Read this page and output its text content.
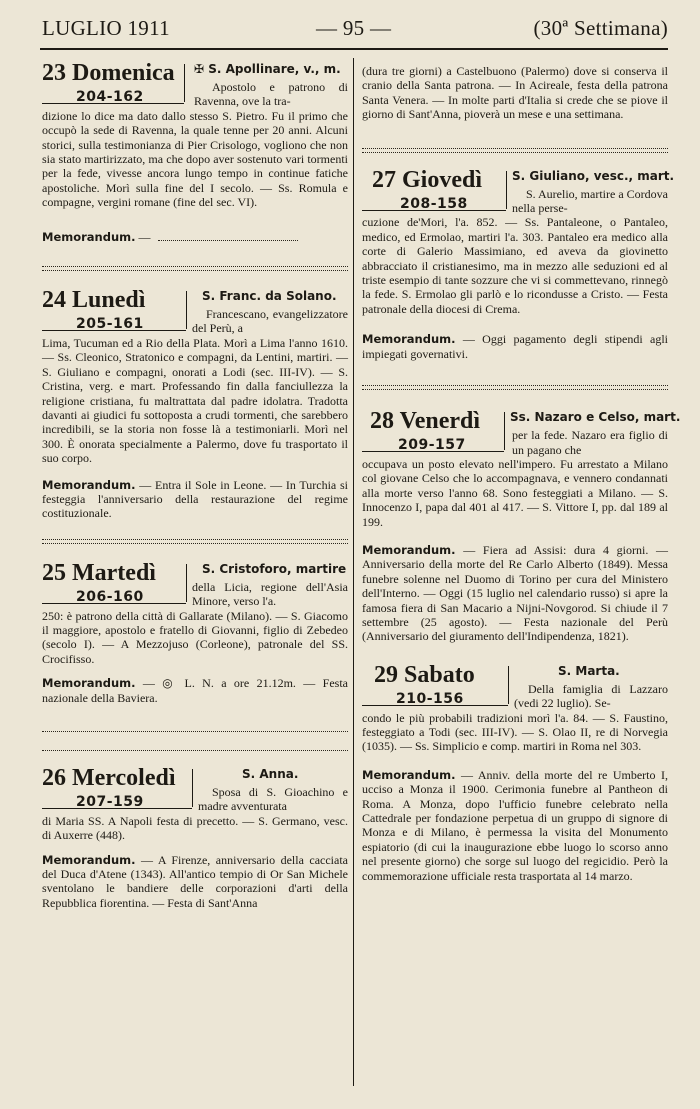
LUGLIO 1911	— 95 —	(30ª Settimana)
23 Domenica
204-162
✠ S. Apollinare, v., m.

Apostolo e patrono di Ravenna, ove la tra-

dizione lo dice ma dato dallo stesso S. Pietro. Fu il primo che occupò la sede di Ravenna, la quale tenne per 20 anni. Alcuni storici, sulla testimonianza di Pier Crisologo, vogliono che non sia stato martirizzato, ma che dopo aver sostenuto vari tormenti per la fede, vivesse ancora lungo tempo in continue fatiche apostoliche. Morì sulla fine del I secolo. — Ss. Romula e compagne, vergini romane (fine del sec. VI).

Memorandum. —

24 Lunedì
205-161
S. Franc. da Solano.

Francescano, evangelizzatore del Perù, a

Lima, Tucuman ed a Rio della Plata. Morì a Lima l'anno 1610. — Ss. Cleonico, Stratonico e compagni, da Lentini, martiri. — S. Giuliano e compagni, onorati a Lodi (sec. III-IV). — S. Cristina, verg. e mart. Professando fin dalla fanciullezza la religione cristiana, fu maltrattata dal padre idolatra. Tradotta davanti ai giudici fu sottoposta a crudi tormenti, che sarebbero incredibili, se la storia non fosse là a testimoniarli. Morì nel 300. È onorata specialmente a Palermo, dove fu trasportato il suo corpo.

Memorandum. — Entra il Sole in Leone. — In Turchia si festeggia l'anniversario della restaurazione del regime costituzionale.

25 Martedì
206-160
S. Cristoforo, martire

della Licia, regione dell'Asia Minore, verso l'a.

250: è patrono della città di Gallarate (Milano). — S. Giacomo il maggiore, apostolo e fratello di Giovanni, figlio di Zebedeo (secolo I). — A Mezzojuso (Corleone), patronale del SS. Crocifisso.

Memorandum. — ◎ L. N. a ore 21.12m. — Festa nazionale della Baviera.

26 Mercoledì
207-159
S. Anna.

Sposa di S. Gioachino e madre avventurata

di Maria SS. A Napoli festa di precetto. — S. Germano, vesc. di Auxerre (448).

Memorandum. — A Firenze, anniversario della cacciata del Duca d'Atene (1343). All'antico tempio di Or San Michele sventolano le bandiere delle corporazioni d'arti della Repubblica fiorentina. — Festa di Sant'Anna

(dura tre giorni) a Castelbuono (Palermo) dove si conserva il cranio della Santa patrona. — In Acireale, festa della patrona Santa Venera. — In molte parti d'Italia si crede che se piove il giorno di Sant'Anna, pioverà un mese e una settimana.

27 Giovedì
208-158
S. Giuliano, vesc., mart.

S. Aurelio, martire a Cordova nella perse-

cuzione de'Mori, l'a. 852. — Ss. Pantaleone, o Pantaleo, medico, ed Ermolao, martiri l'a. 303. Pantaleo era medico alla corte di Galerio Massimiano, ed aveva da giovinetto abbracciato il cristianesimo, ma in mezzo alle seduzioni ed al triste esempio di tante sozzure che vi si commettevano, rinnegò la fede. S. Ermolao gli parlò e lo ricondusse a Cristo. — Festa patronale della diocesi di Crema.

Memorandum. — Oggi pagamento degli stipendi agli impiegati governativi.

28 Venerdì
209-157
Ss. Nazaro e Celso, mart.

per la fede. Nazaro era figlio di un pagano che

occupava un posto elevato nell'impero. Fu arrestato a Milano col giovane Celso che lo accompagnava, e vennero condannati alla morte verso l'anno 68. Sono festeggiati a Milano. — S. Innocenzo I, papa dal 401 al 417. — S. Vittore I, pp. dal 189 al 199.

Memorandum. — Fiera ad Assisi: dura 4 giorni. — Anniversario della morte del Re Carlo Alberto (1849). Messa funebre solenne nel Duomo di Torino per cura del Ministero dell'Interno. — Oggi (15 luglio nel calendario russo) si apre la famosa fiera di San Macario a Nijni-Novgorod. Si chiude il 7 settembre (25 agosto). — Festa nazionale del Perù (Anniversario del giuramento dell'Indipendenza, 1821).

29 Sabato
210-156
S. Marta.

Della famiglia di Lazzaro (vedi 22 luglio). Se-

condo le più probabili tradizioni morì l'a. 84. — S. Faustino, festeggiato a Todi (sec. III-IV). — S. Olao II, re di Norvegia (1035). — Ss. Simplicio e comp. martiri in Roma nel 303.

Memorandum. — Anniv. della morte del re Umberto I, ucciso a Monza il 1900. Cerimonia funebre al Pantheon di Roma. A Monza, dopo l'ufficio funebre celebrato nella Cattedrale per fondazione perpetua di un gruppo di signore di Monza e di Milano, è permessa la visita del Monumento espiatorio (di cui la inaugurazione ebbe luogo lo scorso anno nel presente giorno) che sorge sul luogo del regicidio. Però la commemorazione ufficiale resta trasportata al 14 marzo.
